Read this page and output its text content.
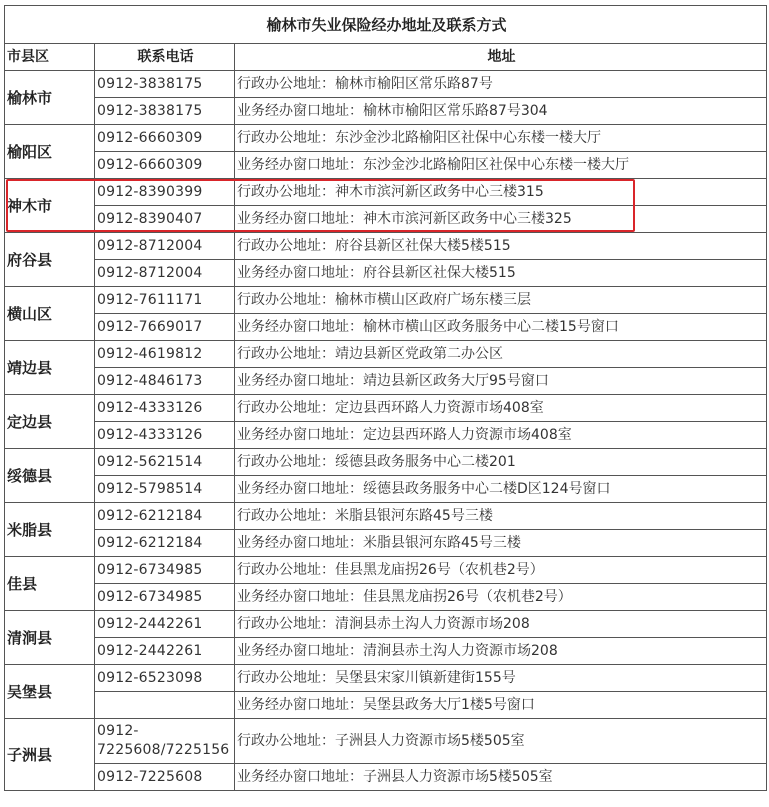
榆林市失业保险经办地址及联系方式		
市县区	联系电话	地址
榆林市	0912-3838175	行政办公地址：榆林市榆阳区常乐路87号
	0912-3838175	业务经办窗口地址：榆林市榆阳区常乐路87号304
榆阳区	0912-6660309	行政办公地址：东沙金沙北路榆阳区社保中心东楼一楼大厅
	0912-6660309	业务经办窗口地址：东沙金沙北路榆阳区社保中心东楼一楼大厅
神木市	0912-8390399	行政办公地址：神木市滨河新区政务中心三楼315
	0912-8390407	业务经办窗口地址：神木市滨河新区政务中心三楼325
府谷县	0912-8712004	行政办公地址：府谷县新区社保大楼5楼515
	0912-8712004	业务经办窗口地址：府谷县新区社保大楼515
横山区	0912-7611171	行政办公地址：榆林市横山区政府广场东楼三层
	0912-7669017	业务经办窗口地址：榆林市横山区政务服务中心二楼15号窗口
靖边县	0912-4619812	行政办公地址：靖边县新区党政第二办公区
	0912-4846173	业务经办窗口地址：靖边县新区政务大厅95号窗口
定边县	0912-4333126	行政办公地址：定边县西环路人力资源市场408室
	0912-4333126	业务经办窗口地址：定边县西环路人力资源市场408室
绥德县	0912-5621514	行政办公地址：绥德县政务服务中心二楼201
	0912-5798514	业务经办窗口地址：绥德县政务服务中心二楼D区124号窗口
米脂县	0912-6212184	行政办公地址：米脂县银河东路45号三楼
	0912-6212184	业务经办窗口地址：米脂县银河东路45号三楼
佳县	0912-6734985	行政办公地址：佳县黑龙庙拐26号（农机巷2号）
	0912-6734985	业务经办窗口地址：佳县黑龙庙拐26号（农机巷2号）
清涧县	0912-2442261	行政办公地址：清涧县赤土沟人力资源市场208
	0912-2442261	业务经办窗口地址：清涧县赤土沟人力资源市场208
吴堡县	0912-6523098	行政办公地址：吴堡县宋家川镇新建街155号
		业务经办窗口地址：吴堡县政务大厅1楼5号窗口
子洲县	0912-7225608/7225156	行政办公地址：子洲县人力资源市场5楼505室
	0912-7225608	业务经办窗口地址：子洲县人力资源市场5楼505室
